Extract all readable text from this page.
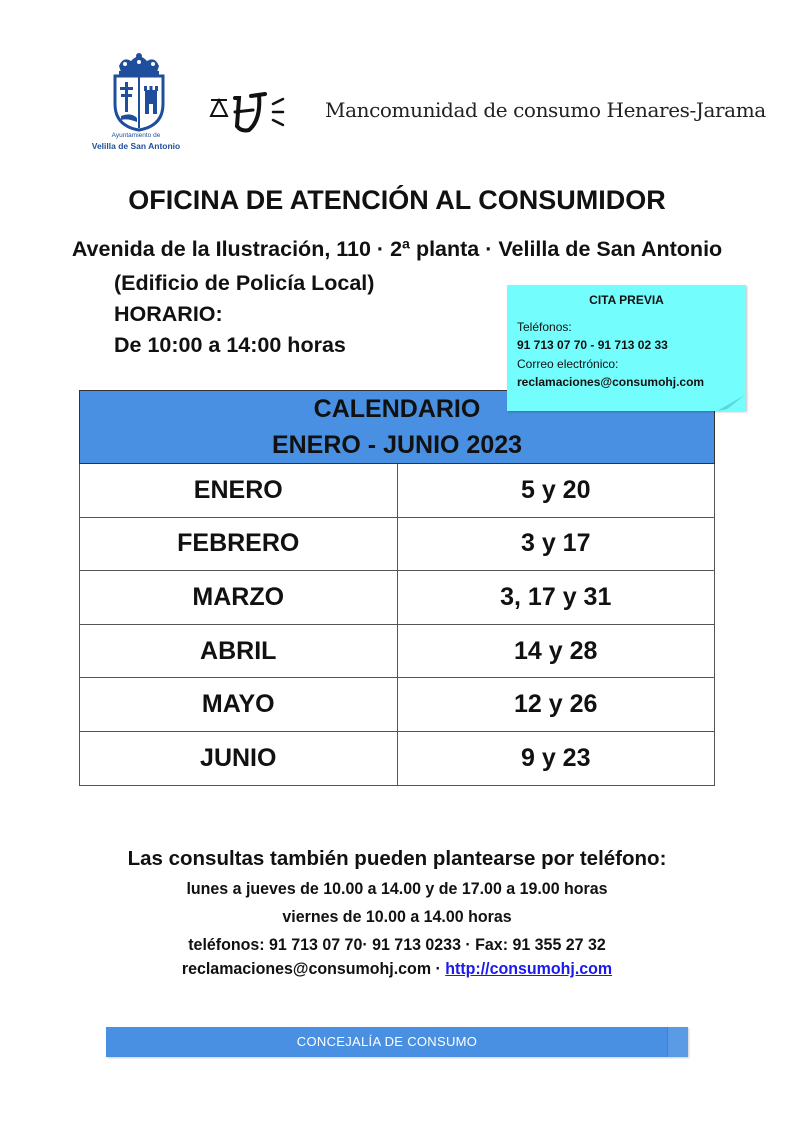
Ayuntamiento de
Velilla de San Antonio
Mancomunidad de consumo Henares-Jarama
OFICINA DE ATENCIÓN AL CONSUMIDOR
Avenida de la Ilustración, 110 · 2ª planta · Velilla de San Antonio
(Edificio de Policía Local)
HORARIO:
De 10:00 a 14:00 horas
CALENDARIO
ENERO - JUNIO 2023	

ENERO	5 y 20
FEBRERO	3 y 17
MARZO	3, 17 y 31
ABRIL	14 y 28
MAYO	12 y 26
JUNIO	9 y 23
CITA PREVIA
Teléfonos:
91 713 07 70 - 91 713 02 33
Correo electrónico:
reclamaciones@consumohj.com
Las consultas también pueden plantearse por teléfono:
lunes a jueves de 10.00 a 14.00 y de 17.00 a 19.00 horas
viernes de 10.00 a 14.00 horas
teléfonos: 91 713 07 70· 91 713 0233 · Fax: 91 355 27 32
reclamaciones@consumohj.com · http://consumohj.com
CONCEJALÍA DE CONSUMO
